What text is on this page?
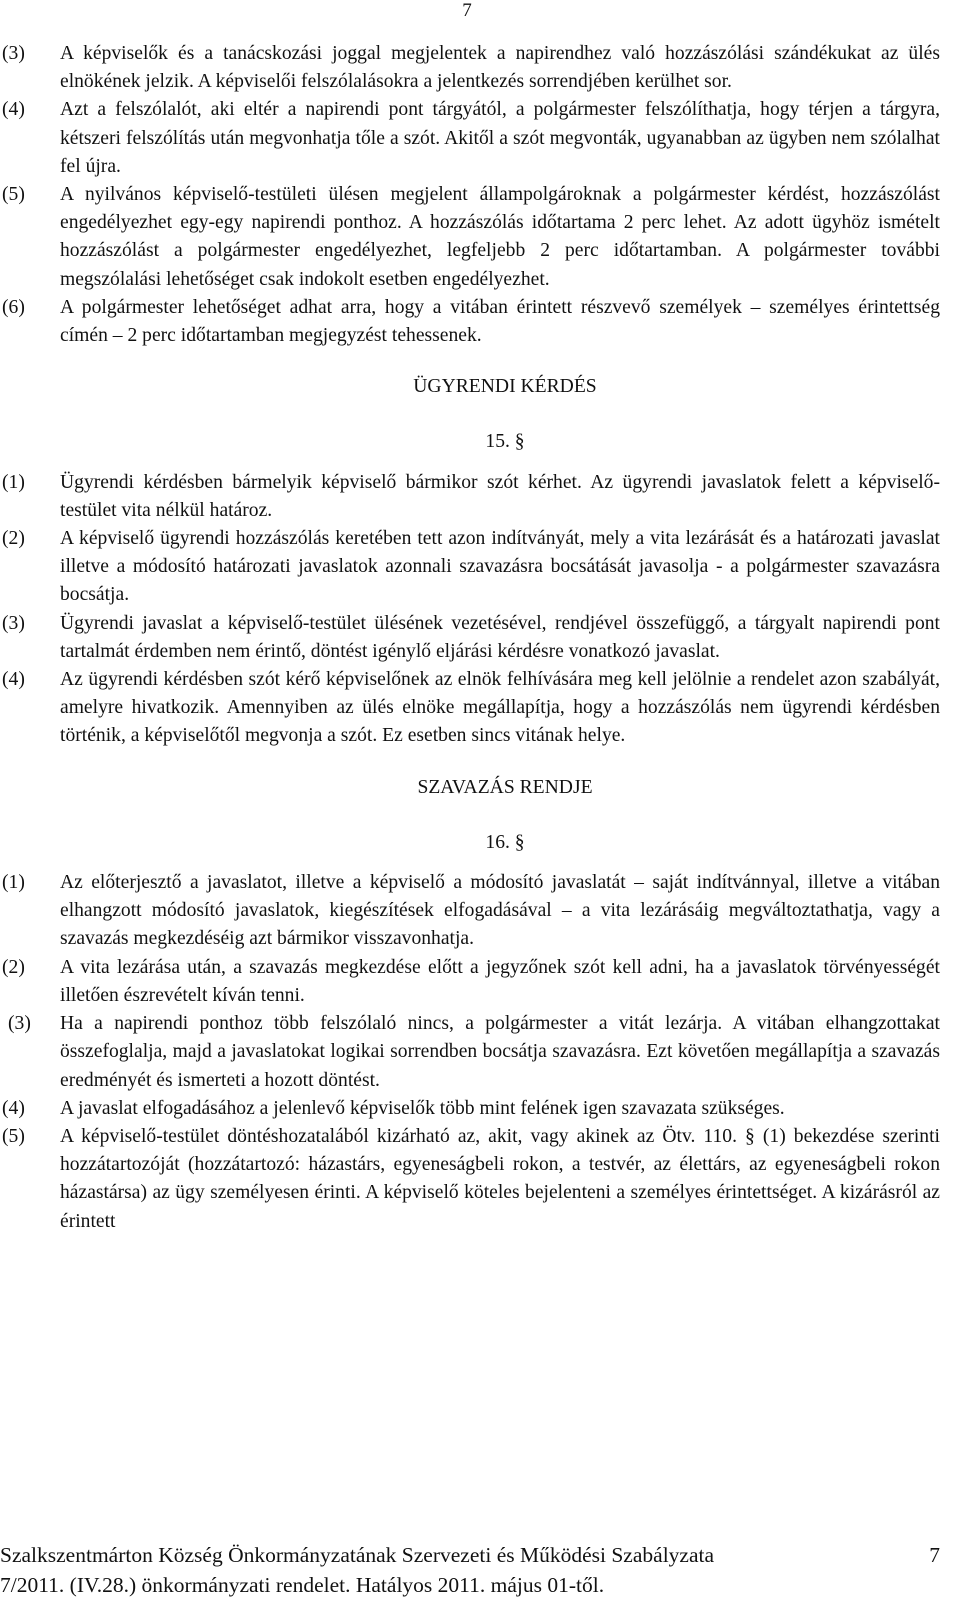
7
(3)	A képviselők és a tanácskozási joggal megjelentek a napirendhez való hozzászólási szándékukat az ülés elnökének jelzik. A képviselői felszólalásokra a jelentkezés sorrendjében kerülhet sor.
(4)	Azt a felszólalót, aki eltér a napirendi pont tárgyától, a polgármester felszólíthatja, hogy térjen a tárgyra, kétszeri felszólítás után megvonhatja tőle a szót. Akitől a szót megvonták, ugyanabban az ügyben nem szólalhat fel újra.
(5)	A nyilvános képviselő-testületi ülésen megjelent állampolgároknak a polgármester kérdést, hozzászólást engedélyezhet egy-egy napirendi ponthoz. A hozzászólás időtartama 2 perc lehet. Az adott ügyhöz ismételt hozzászólást a polgármester engedélyezhet, legfeljebb 2 perc időtartamban. A polgármester további megszólalási lehetőséget csak indokolt esetben engedélyezhet.
(6)	A polgármester lehetőséget adhat arra, hogy a vitában érintett részvevő személyek – személyes érintettség címén – 2 perc időtartamban megjegyzést tehessenek.
ÜGYRENDI KÉRDÉS
15. §
(1)	Ügyrendi kérdésben bármelyik képviselő bármikor szót kérhet. Az ügyrendi javaslatok felett a képviselő-testület vita nélkül határoz.
(2)	A képviselő ügyrendi hozzászólás keretében tett azon indítványát, mely a vita lezárását és a határozati javaslat illetve a módosító határozati javaslatok azonnali szavazásra bocsátását javasolja - a polgármester szavazásra bocsátja.
(3)	Ügyrendi javaslat a képviselő-testület ülésének vezetésével, rendjével összefüggő, a tárgyalt napirendi pont tartalmát érdemben nem érintő, döntést igénylő eljárási kérdésre vonatkozó javaslat.
(4)	Az ügyrendi kérdésben szót kérő képviselőnek az elnök felhívására meg kell jelölnie a rendelet azon szabályát, amelyre hivatkozik. Amennyiben az ülés elnöke megállapítja, hogy a hozzászólás nem ügyrendi kérdésben történik, a képviselőtől megvonja a szót. Ez esetben sincs vitának helye.
SZAVAZÁS RENDJE
16. §
(1)	Az előterjesztő a javaslatot, illetve a képviselő a módosító javaslatát – saját indítvánnyal, illetve a vitában elhangzott módosító javaslatok, kiegészítések elfogadásával – a vita lezárásáig megváltoztathatja, vagy a szavazás megkezdéséig azt bármikor visszavonhatja.
(2)	A vita lezárása után, a szavazás megkezdése előtt a jegyzőnek szót kell adni, ha a javaslatok törvényességét illetően észrevételt kíván tenni.
(3)	Ha a napirendi ponthoz több felszólaló nincs, a polgármester a vitát lezárja. A vitában elhangzottakat összefoglalja, majd a javaslatokat logikai sorrendben bocsátja szavazásra. Ezt követően megállapítja a szavazás eredményét és ismerteti a hozott döntést.
(4)	A javaslat elfogadásához a jelenlevő képviselők több mint felének igen szavazata szükséges.
(5)	A képviselő-testület döntéshozatalából kizárható az, akit, vagy akinek az Ötv. 110. § (1) bekezdése szerinti hozzátartozóját (hozzátartozó: házastárs, egyeneságbeli rokon, a testvér, az élettárs, az egyeneságbeli rokon házastársa) az ügy személyesen érinti. A képviselő köteles bejelenteni a személyes érintettséget. A kizárásról az érintett
Szalkszentmárton Község Önkormányzatának Szervezeti és Működési Szabályzata	7
7/2011. (IV.28.) önkormányzati rendelet. Hatályos 2011. május 01-től.
